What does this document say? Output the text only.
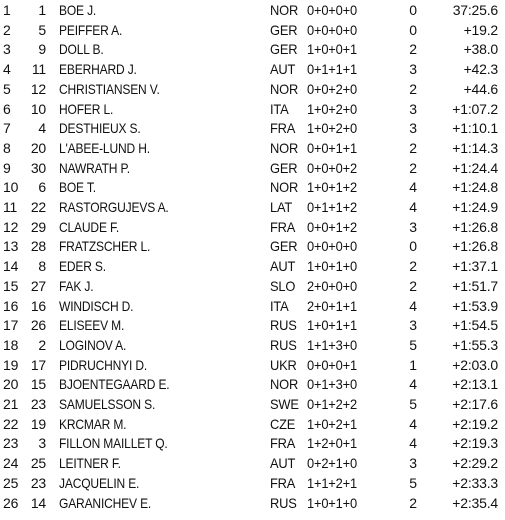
1	1 BOE J.	NOR 0+0+0+0	0	37:25.6
2	5 PEIFFER A.	GER 0+0+0+0	0	+19.2
3	9 DOLL B.	GER 1+0+0+1	2	+38.0
4	11 EBERHARD J.	AUT 0+1+1+1	3	+42.3
5	12 CHRISTIANSEN V.	NOR 0+0+2+0	2	+44.6
6	10 HOFER L.	ITA	1+0+2+0	3	+1:07.2
7	4 DESTHIEUX S.	FRA 1+0+2+0	3	+1:10.1
8	20 L'ABEE-LUND H.	NOR 0+0+1+1	2	+1:14.3
9	30 NAWRATH P.	GER 0+0+0+2	2	+1:24.4
10	6 BOE T.	NOR 1+0+1+2	4	+1:24.8
11 22 RASTORGUJEVS A.	LAT	0+1+1+2	4	+1:24.9
12 29 CLAUDE F.	FRA 0+0+1+2	3	+1:26.8
13 28 FRATZSCHER L.	GER 0+0+0+0	0	+1:26.8
14	8 EDER S.	AUT 1+0+1+0	2	+1:37.1
15 27 FAK J.	SLO 2+0+0+0	2	+1:51.7
16 16 WINDISCH D.	ITA	2+0+1+1	4	+1:53.9
17 26 ELISEEV M.	RUS 1+0+1+1	3	+1:54.5
18	2 LOGINOV A.	RUS 1+1+3+0	5	+1:55.3
19 17 PIDRUCHNYI D.	UKR 0+0+0+1	1	+2:03.0
20 15 BJOENTEGAARD E.	NOR 0+1+3+0	4	+2:13.1
21 23 SAMUELSSON S.	SWE 0+1+2+2	5	+2:17.6
22 19 KRCMAR M.	CZE 1+0+2+1	4	+2:19.2
23	3 FILLON MAILLET Q.	FRA 1+2+0+1	4	+2:19.3
24 25 LEITNER F.	AUT 0+2+1+0	3	+2:29.2
25 23 JACQUELIN E.	FRA 1+1+2+1	5	+2:33.3
26 14 GARANICHEV E.	RUS 1+0+1+0	2	+2:35.4
